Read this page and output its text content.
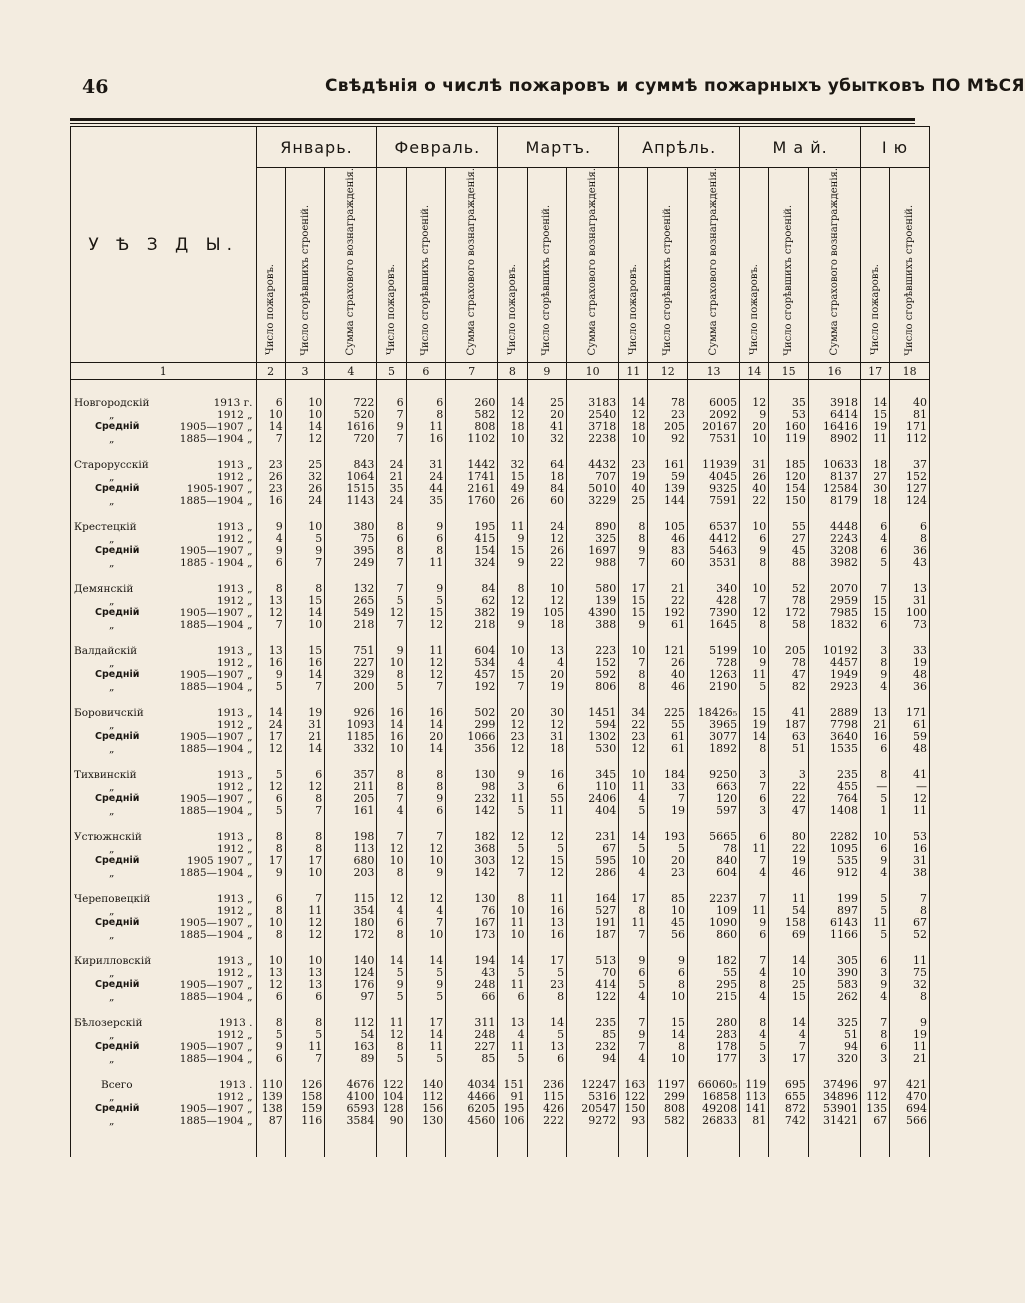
46	Свѣдѣнія о числѣ пожаровъ и суммѣ пожарныхъ убытковъ ПО МѢСЯ
У Ѣ З Д Ы.	Январь.			Февраль.			Мартъ.			Апрѣль.			М а й.			І ю	
	Число пожаровъ.	Число сгорѣвшихъ строеній.	Сумма страхового вознагражденія.	Число пожаровъ.	Число сгорѣвшихъ строеній.	Сумма страхового вознагражденія.	Число пожаровъ.	Число сгорѣвшихъ строеній.	Сумма страхового вознагражденія.	Число пожаровъ.	Число сгорѣвшихъ строеній.	Сумма страхового вознагражденія.	Число пожаровъ.	Число сгорѣвшихъ строеній.	Сумма страхового вознагражденія.	Число пожаровъ.	Число сгорѣвшихъ строеній.
1	2	3	4	5	6	7	8	9	10	11	12	13	14	15	16	17	18

Новгородскій 1913 г.	6	10	722	6	6	260	14	25	3183	14	78	6005	12	35	3918	14	40

„ 1912 „	10	10	520	7	8	582	12	20	2540	12	23	2092	9	53	6414	15	81

Средній 1905—1907 „	14	14	1616	9	11	808	18	41	3718	18	205	20167	20	160	16416	19	171

„ 1885—1904 „	7	12	720	7	16	1102	10	32	2238	10	92	7531	10	119	8902	11	112

Старорусскій 1913 „	23	25	843	24	31	1442	32	64	4432	23	161	11939	31	185	10633	18	37

„ 1912 „	26	32	1064	21	24	1741	15	18	707	19	59	4045	26	120	8137	27	152

Средній 1905-1907 „	23	26	1515	35	44	2161	49	84	5010	40	139	9325	40	154	12584	30	127

„ 1885—1904 „	16	24	1143	24	35	1760	26	60	3229	25	144	7591	22	150	8179	18	124

Крестецкій 1913 „	9	10	380	8	9	195	11	24	890	8	105	6537	10	55	4448	6	6

„ 1912 „	4	5	75	6	6	415	9	12	325	8	46	4412	6	27	2243	4	8

Средній 1905—1907 „	9	9	395	8	8	154	15	26	1697	9	83	5463	9	45	3208	6	36

„ 1885 - 1904 „	6	7	249	7	11	324	9	22	988	7	60	3531	8	88	3982	5	43

Демянскій 1913 „	8	8	132	7	9	84	8	10	580	17	21	340	10	52	2070	7	13

„ 1912 „	13	15	265	5	5	62	12	12	139	15	22	428	7	78	2959	15	31

Средній 1905—1907 „	12	14	549	12	15	382	19	105	4390	15	192	7390	12	172	7985	15	100

„ 1885—1904 „	7	10	218	7	12	218	9	18	388	9	61	1645	8	58	1832	6	73

Валдайскій 1913 „	13	15	751	9	11	604	10	13	223	10	121	5199	10	205	10192	3	33

„ 1912 „	16	16	227	10	12	534	4	4	152	7	26	728	9	78	4457	8	19

Средній 1905—1907 „	9	14	329	8	12	457	15	20	592	8	40	1263	11	47	1949	9	48

„ 1885—1904 „	5	7	200	5	7	192	7	19	806	8	46	2190	5	82	2923	4	36

Боровичскій 1913 „	14	19	926	16	16	502	20	30	1451	34	225	18426₅	15	41	2889	13	171

„ 1912 „	24	31	1093	14	14	299	12	12	594	22	55	3965	19	187	7798	21	61

Средній 1905—1907 „	17	21	1185	16	20	1066	23	31	1302	23	61	3077	14	63	3640	16	59

„ 1885—1904 „	12	14	332	10	14	356	12	18	530	12	61	1892	8	51	1535	6	48

Тихвинскій 1913 „	5	6	357	8	8	130	9	16	345	10	184	9250	3	3	235	8	41

„ 1912 „	12	12	211	8	8	98	3	6	110	11	33	663	7	22	455	—	—

Средній 1905—1907 „	6	8	205	7	9	232	11	55	2406	4	7	120	6	22	764	5	12

„ 1885—1904 „	5	7	161	4	6	142	5	11	404	5	19	597	3	47	1408	1	11

Устюжнскій 1913 „	8	8	198	7	7	182	12	12	231	14	193	5665	6	80	2282	10	53

„ 1912 „	8	8	113	12	12	368	5	5	67	5	5	78	11	22	1095	6	16

Средній 1905 1907 „	17	17	680	10	10	303	12	15	595	10	20	840	7	19	535	9	31

„ 1885—1904 „	9	10	203	8	9	142	7	12	286	4	23	604	4	46	912	4	38

Череповецкій 1913 „	6	7	115	12	12	130	8	11	164	17	85	2237	7	11	199	5	7

„ 1912 „	8	11	354	4	4	76	10	16	527	8	10	109	11	54	897	5	8

Средній 1905—1907 „	10	12	180	6	7	167	11	13	191	11	45	1090	9	158	6143	11	67

„ 1885—1904 „	8	12	172	8	10	173	10	16	187	7	56	860	6	69	1166	5	52

Кирилловскій 1913 „	10	10	140	14	14	194	14	17	513	9	9	182	7	14	305	6	11

„ 1912 „	13	13	124	5	5	43	5	5	70	6	6	55	4	10	390	3	75

Средній 1905—1907 „	12	13	176	9	9	248	11	23	414	5	8	295	8	25	583	9	32

„ 1885—1904 „	6	6	97	5	5	66	6	8	122	4	10	215	4	15	262	4	8

Бѣлозерскій 1913 .	8	8	112	11	17	311	13	14	235	7	15	280	8	14	325	7	9

„ 1912 „	5	5	54	12	14	248	4	5	85	9	14	283	4	4	51	8	19

Средній 1905—1907 „	9	11	163	8	11	227	11	13	232	7	8	178	5	7	94	6	11

„ 1885—1904 „	6	7	89	5	5	85	5	6	94	4	10	177	3	17	320	3	21

Всего 1913 .	110	126	4676	122	140	4034	151	236	12247	163	1197	66060₅	119	695	37496	97	421

„ 1912 „	139	158	4100	104	112	4466	91	115	5316	122	299	16858	113	655	34896	112	470

Средній 1905—1907 „	138	159	6593	128	156	6205	195	426	20547	150	808	49208	141	872	53901	135	694

„ 1885—1904 „	87	116	3584	90	130	4560	106	222	9272	93	582	26833	81	742	31421	67	566
